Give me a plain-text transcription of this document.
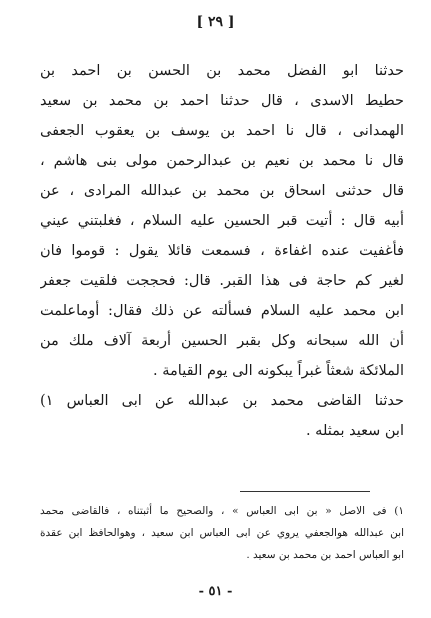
[ ٢٩ ]
حدثنا ابو الفضل محمد بن الحسن بن احمد بن
حطيط الاسدى ، قال حدثنا احمد بن محمد بن سعيد
الهمدانى ، قال نا احمد بن يوسف بن يعقوب الجعفى
قال نا محمد بن نعيم بن عبدالرحمن مولى بنى هاشم ،
قال حدثنى اسحاق بن محمد بن عبدالله المرادى ، عن
أبيه قال : أتيت قبر الحسين عليه السلام ، فغلبتني عيني
فأغفيت عنده اغفاءة ، فسمعت قائلا يقول : قوموا فان
لغير كم حاجة فى هذا القبر. قال: فحججت فلقيت جعفر
ابن محمد عليه السلام فسألته عن ذلك فقال: أوماعلمت
أن الله سبحانه وكل بقبر الحسين أربعة آلاف ملك من
الملائكة شعثاً غبراً يبكونه الى يوم القيامة .
حدثنا القاضى محمد بن عبدالله عن ابى العباس ١)
ابن سعيد بمثله .
١) فى الاصل « بن ابى العباس » ، والصحيح ما أثبتناه ، فالقاضى محمد
ابن عبدالله هوالجعفي يروي عن ابى العباس ابن سعيد ، وهوالحافظ ابن عقدة
ابو العباس احمد بن محمد بن سعيد .
- ٥١ -
